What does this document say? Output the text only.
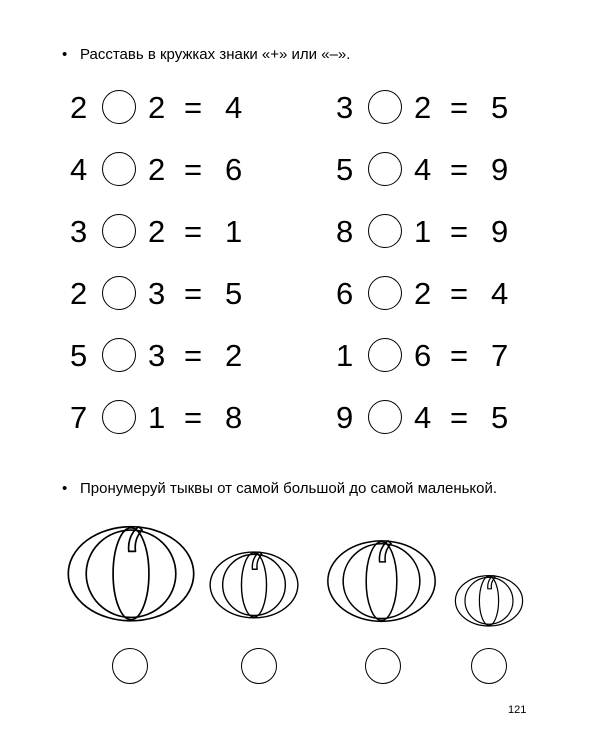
• Расставь в кружках знаки «+» или «–».
2 2 = 4
4 2 = 6
3 2 = 1
2 3 = 5
5 3 = 2
7 1 = 8
3 2 = 5
5 4 = 9
8 1 = 9
6 2 = 4
1 6 = 7
9 4 = 5
• Пронумеруй тыквы от самой большой до самой маленькой.
121
